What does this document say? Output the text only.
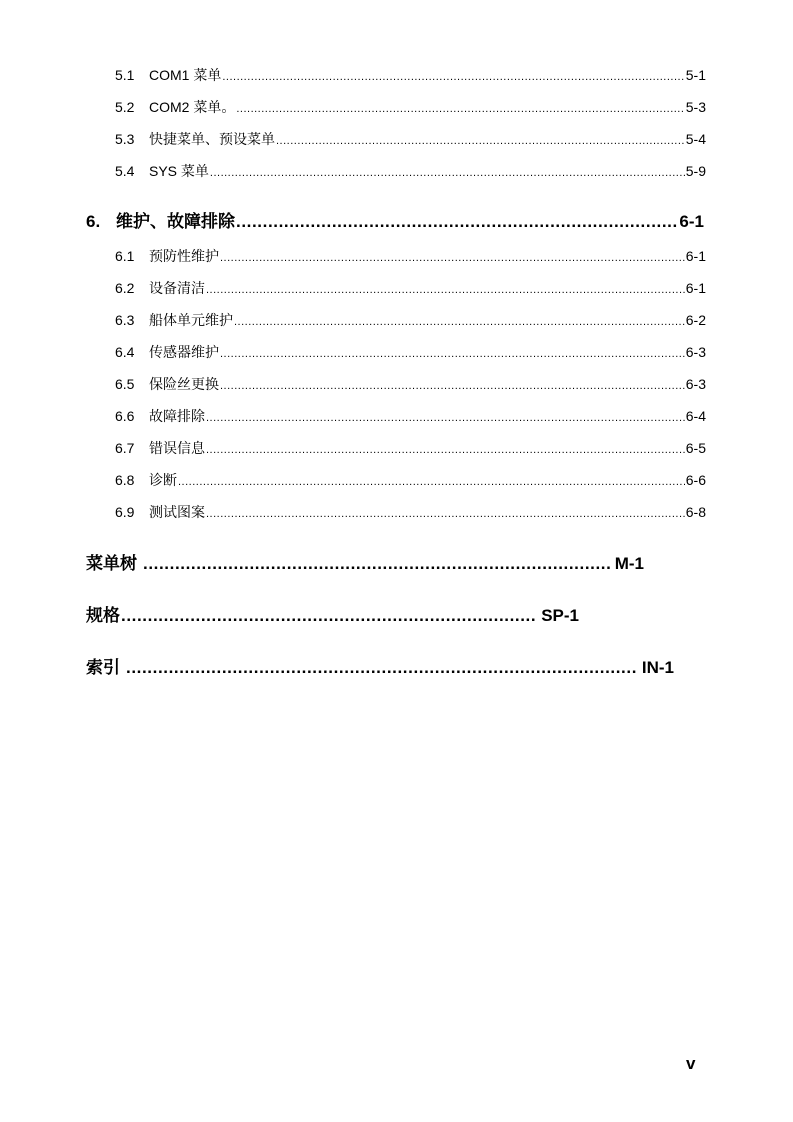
5.1	COM1 菜单 .....	5-1
5.2	COM2 菜单。 .....	5-3
5.3	快捷菜单、预设菜单 .....	5-4
5.4	SYS 菜单 .....	5-9
6. 维护、故障排除 .....	6-1
6.1	预防性维护 .....	6-1
6.2	设备清洁 .....	6-1
6.3	船体单元维护 .....	6-2
6.4	传感器维护 .....	6-3
6.5	保险丝更换 .....	6-3
6.6	故障排除 .....	6-4
6.7	错误信息 .....	6-5
6.8	诊断 .....	6-6
6.9	测试图案 .....	6-8
菜单树 .....	M-1
规格 .....	SP-1
索引 .....	IN-1
v
